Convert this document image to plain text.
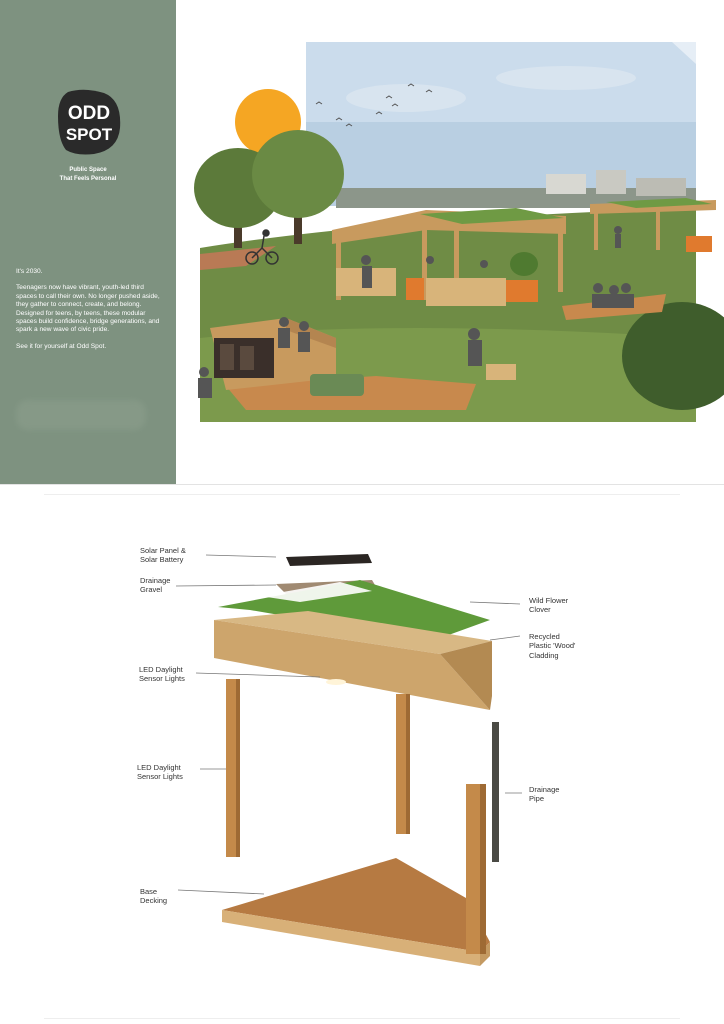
ODD
SPOT
Public Space
That Feels Personal

It's 2030.

Teenagers now have vibrant, youth-led third spaces to call their own. No longer pushed aside, they gather to connect, create, and belong. Designed for teens, by teens, these modular spaces build confidence, bridge generations, and spark a new wave of civic pride.

See it for yourself at Odd Spot.

Solar Panel &
Solar Battery
Drainage
Gravel
LED Daylight
Sensor Lights
LED Daylight
Sensor Lights
Base
Decking
Wild Flower
Clover
Recycled
Plastic 'Wood'
Cladding
Drainage
Pipe
